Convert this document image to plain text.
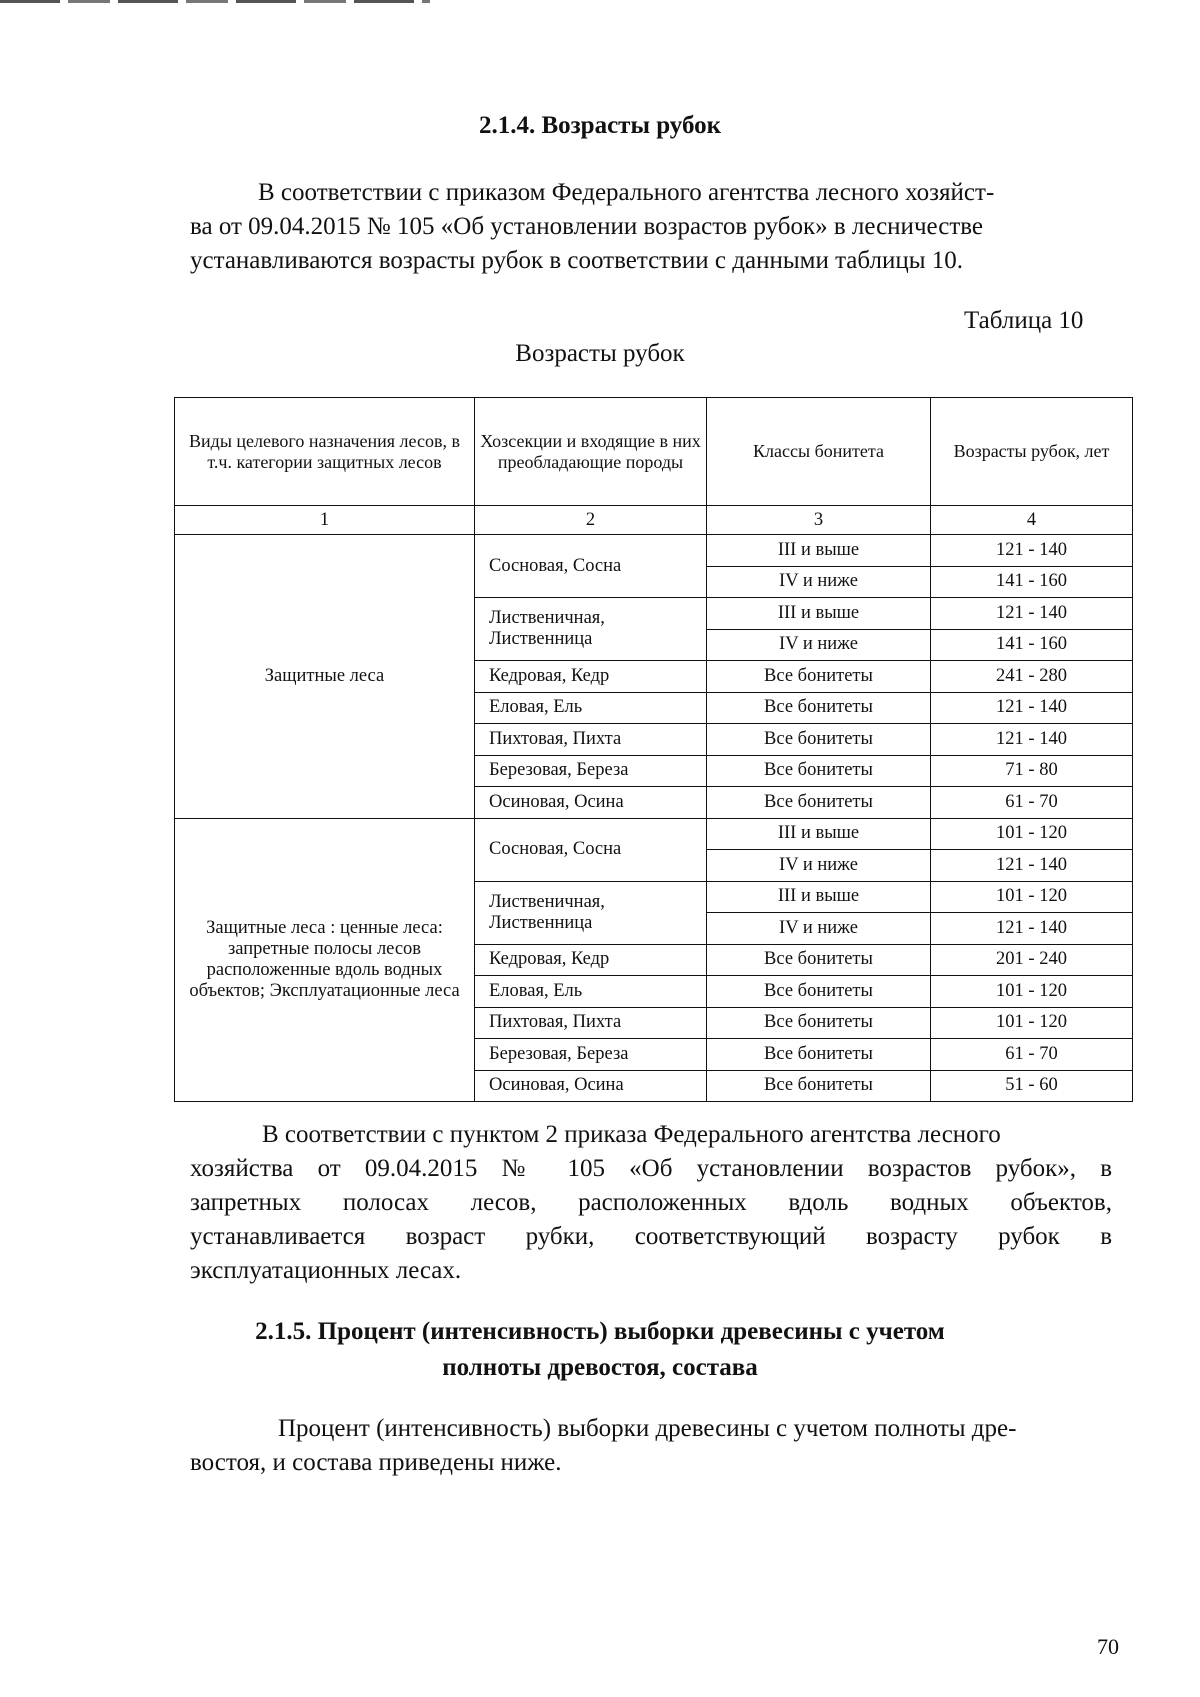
2.1.4. Возрасты рубок

В соответствии с приказом Федерального агентства лесного хозяйст-

ва от 09.04.2015 № 105 «Об установлении возрастов рубок» в лесничестве

устанавливаются возрасты рубок в соответствии с данными таблицы 10.

Таблица 10
Возрасты рубок
Виды целевого назначения лесов, в т.ч. категории защитных лесов	Хозсекции и входящие в них преобладающие породы	Классы бонитета	Возрасты рубок, лет
1	2	3	4
Защитные леса	Сосновая, Сосна	III и выше	121 - 140
		IV и ниже	141 - 160
	Лиственичная, Лиственница	III и выше	121 - 140
		IV и ниже	141 - 160
	Кедровая, Кедр	Все бонитеты	241 - 280
	Еловая, Ель	Все бонитеты	121 - 140
	Пихтовая, Пихта	Все бонитеты	121 - 140
	Березовая, Береза	Все бонитеты	71 - 80
	Осиновая, Осина	Все бонитеты	61 - 70
Защитные леса : ценные леса: запретные полосы лесов расположенные вдоль водных объектов; Эксплуатационные леса	Сосновая, Сосна	III и выше	101 - 120
		IV и ниже	121 - 140
	Лиственичная, Лиственница	III и выше	101 - 120
		IV и ниже	121 - 140
	Кедровая, Кедр	Все бонитеты	201 - 240
	Еловая, Ель	Все бонитеты	101 - 120
	Пихтовая, Пихта	Все бонитеты	101 - 120
	Березовая, Береза	Все бонитеты	61 - 70
	Осиновая, Осина	Все бонитеты	51 - 60

В соответствии с пунктом 2 приказа Федерального агентства лесного

хозяйства от 09.04.2015 № 105 «Об установлении возрастов рубок», в

запретных полосах лесов, расположенных вдоль водных объектов,

устанавливается возраст рубки, соответствующий возрасту рубок в

эксплуатационных лесах.

2.1.5. Процент (интенсивность) выборки древесины с учетом
полноты древостоя, состава

Процент (интенсивность) выборки древесины с учетом полноты дре-

востоя, и состава приведены ниже.

70
